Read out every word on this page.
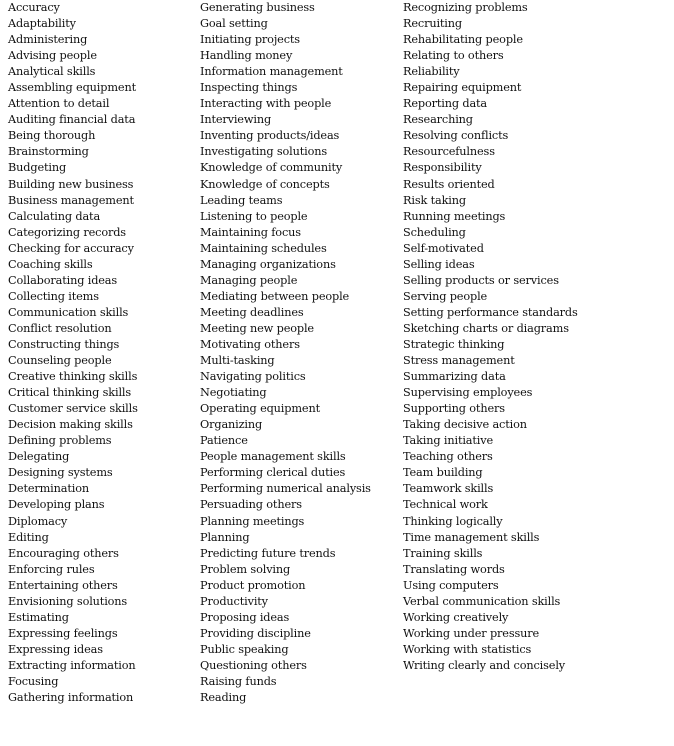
Accuracy
Adaptability
Administering
Advising people
Analytical skills
Assembling equipment
Attention to detail
Auditing financial data
Being thorough
Brainstorming
Budgeting
Building new business
Business management
Calculating data
Categorizing records
Checking for accuracy
Coaching skills
Collaborating ideas
Collecting items
Communication skills
Conflict resolution
Constructing things
Counseling people
Creative thinking skills
Critical thinking skills
Customer service skills
Decision making skills
Defining problems
Delegating
Designing systems
Determination
Developing plans
Diplomacy
Editing
Encouraging others
Enforcing rules
Entertaining others
Envisioning solutions
Estimating
Expressing feelings
Expressing ideas
Extracting information
Focusing
Gathering information
Generating business
Goal setting
Initiating projects
Handling money
Information management
Inspecting things
Interacting with people
Interviewing
Inventing products/ideas
Investigating solutions
Knowledge of community
Knowledge of concepts
Leading teams
Listening to people
Maintaining focus
Maintaining schedules
Managing organizations
Managing people
Mediating between people
Meeting deadlines
Meeting new people
Motivating others
Multi-tasking
Navigating politics
Negotiating
Operating equipment
Organizing
Patience
People management skills
Performing clerical duties
Performing numerical analysis
Persuading others
Planning meetings
Planning
Predicting future trends
Problem solving
Product promotion
Productivity
Proposing ideas
Providing discipline
Public speaking
Questioning others
Raising funds
Reading
Recognizing problems
Recruiting
Rehabilitating people
Relating to others
Reliability
Repairing equipment
Reporting data
Researching
Resolving conflicts
Resourcefulness
Responsibility
Results oriented
Risk taking
Running meetings
Scheduling
Self-motivated
Selling ideas
Selling products or services
Serving people
Setting performance standards
Sketching charts or diagrams
Strategic thinking
Stress management
Summarizing data
Supervising employees
Supporting others
Taking decisive action
Taking initiative
Teaching others
Team building
Teamwork skills
Technical work
Thinking logically
Time management skills
Training skills
Translating words
Using computers
Verbal communication skills
Working creatively
Working under pressure
Working with statistics
Writing clearly and concisely
